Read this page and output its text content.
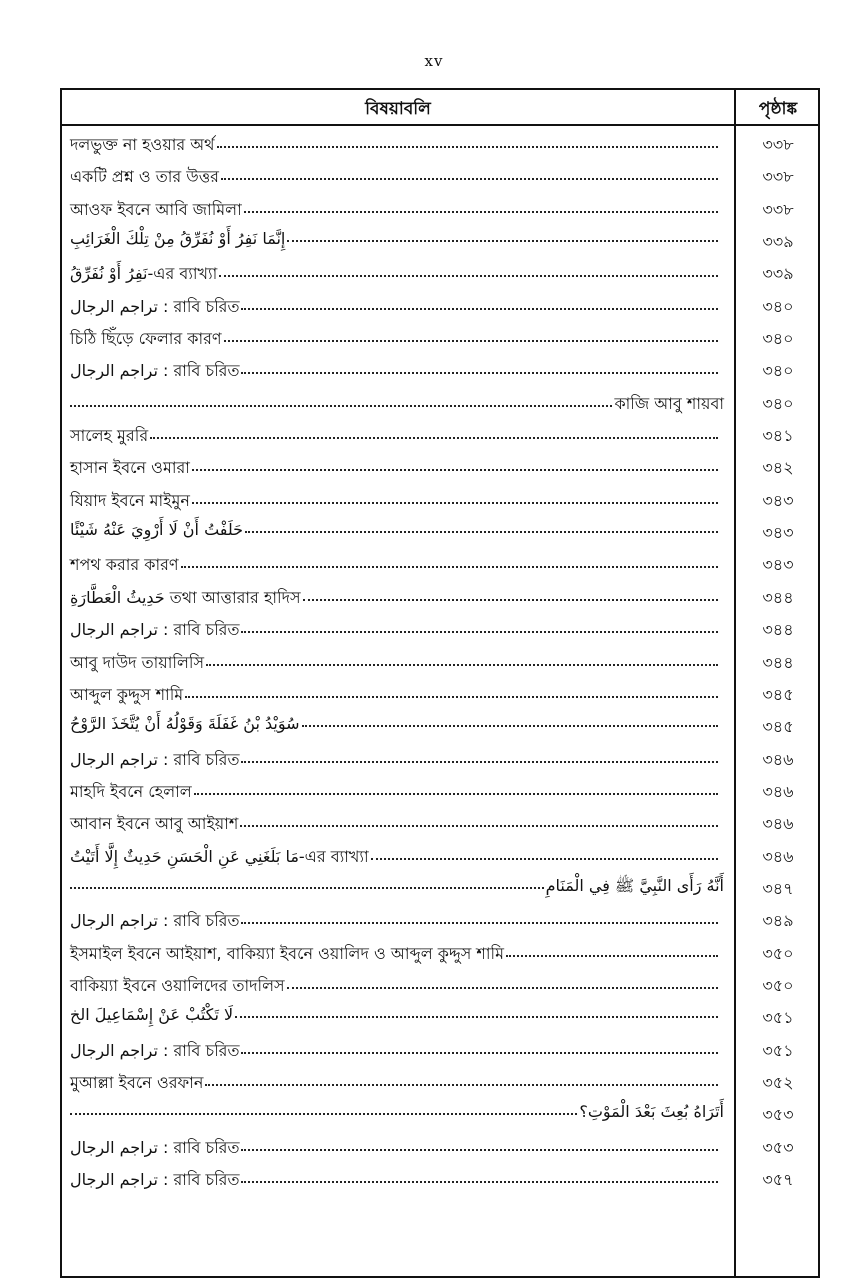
xv
বিষয়াবলি	পৃষ্ঠাঙ্ক
দলভুক্ত না হওয়ার অর্থ	৩৩৮
একটি প্রশ্ন ও তার উত্তর	৩৩৮
আওফ ইবনে আবি জামিলা	৩৩৮
إِنَّمَا نَفِرُ أَوْ نُفَرِّقُ مِنْ تِلْكَ الْغَرَائِبِ	৩৩৯
نَفِرُ أَوْ نُفَرِّقُ-এর ব্যাখ্যা	৩৩৯
تراجم الرجال : রাবি চরিত	৩৪০
চিঠি ছিঁড়ে ফেলার কারণ	৩৪০
تراجم الرجال : রাবি চরিত	৩৪০
কাজি আবু শায়বা	৩৪০
সালেহ মুররি	৩৪১
হাসান ইবনে ওমারা	৩৪২
যিয়াদ ইবনে মাইমুন	৩৪৩
حَلَفْتُ أَنْ لَا أَرْوِيَ عَنْهُ شَيْئًا	৩৪৩
শপথ করার কারণ	৩৪৩
حَدِيثُ الْعَطَّارَةِ তথা আত্তারার হাদিস	৩৪৪
تراجم الرجال : রাবি চরিত	৩৪৪
আবু দাউদ তায়ালিসি	৩৪৪
আব্দুল কুদ্দুস শামি	৩৪৫
سُوَيْدُ بْنُ غَفَلَةَ وَقَوْلُهُ أَنْ يُتَّخَذَ الرَّوْحُ	৩৪৫
تراجم الرجال : রাবি চরিত	৩৪৬
মাহদি ইবনে হেলাল	৩৪৬
আবান ইবনে আবু আইয়াশ	৩৪৬
مَا بَلَغَنِي عَنِ الْحَسَنِ حَدِيثٌ إِلَّا أَتَيْتُ-এর ব্যাখ্যা	৩৪৬
أَنَّهُ رَأَى النَّبِيَّ ﷺ فِي الْمَنَامِ	৩৪৭
تراجم الرجال : রাবি চরিত	৩৪৯
ইসমাইল ইবনে আইয়াশ, বাকিয়্যা ইবনে ওয়ালিদ ও আব্দুল কুদ্দুস শামি	৩৫০
বাকিয়্যা ইবনে ওয়ালিদের তাদলিস	৩৫০
لَا تَكْتُبْ عَنْ إِسْمَاعِيلَ الخ	৩৫১
تراجم الرجال : রাবি চরিত	৩৫১
মুআল্লা ইবনে ওরফান	৩৫২
أَتَرَاهُ بُعِثَ بَعْدَ الْمَوْتِ؟	৩৫৩
تراجم الرجال : রাবি চরিত	৩৫৩
تراجم الرجال : রাবি চরিত	৩৫৭
